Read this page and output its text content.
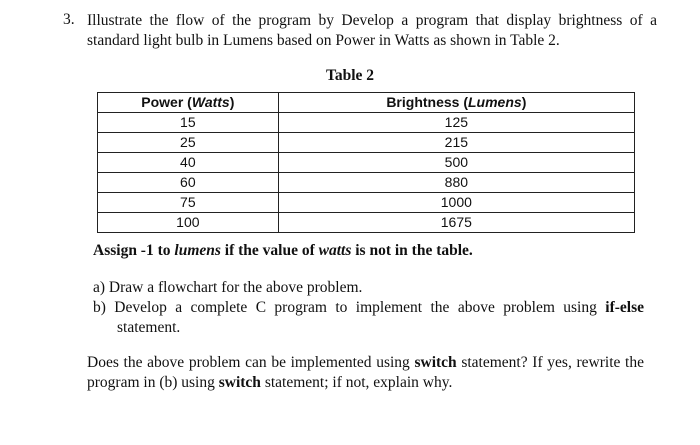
3. Illustrate the flow of the program by Develop a program that display brightness of a standard light bulb in Lumens based on Power in Watts as shown in Table 2.
Table 2
Power (Watts)	Brightness (Lumens)
15	125
25	215
40	500
60	880
75	1000
100	1675
Assign -1 to lumens if the value of watts is not in the table.
a) Draw a flowchart for the above problem.
b) Develop a complete C program to implement the above problem using if-else
statement.
Does the above problem can be implemented using switch statement? If yes, rewrite the program in (b) using switch statement; if not, explain why.
